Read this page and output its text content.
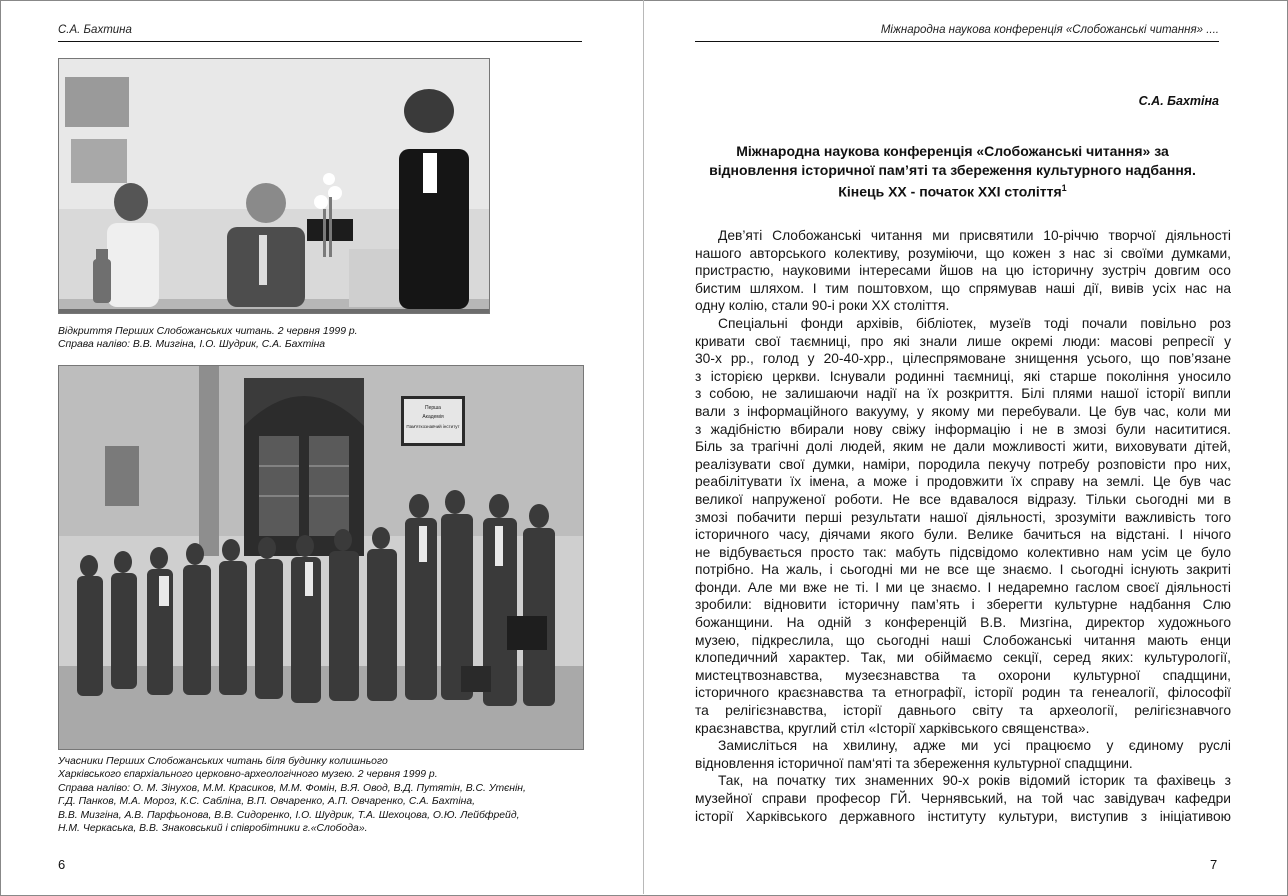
С.А. Бахтина
Відкриття Перших Слобожанських читань. 2 червня 1999 р.
Справа наліво: В.В. Мизгіна, І.О. Шудрик, С.А. Бахтіна
Перша
Академія
Пам'яткознавчий інститут
Учасники Перших Слобожанських читань біля будинку колишнього
Харківського єпархіального церковно-археологічного музею. 2 червня 1999 р.
Справа наліво: О. М. Зінухов, М.М. Красиков, М.М. Фомін, В.Я. Овод, В.Д. Путятін, В.С. Утєнін,
Г.Д. Панков, М.А. Мороз, К.С. Сабліна, В.П. Овчаренко, А.П. Овчаренко, С.А. Бахтіна,
В.В. Мизгіна, А.В. Парфьонова, В.В. Сидоренко, І.О. Шудрик, Т.А. Шехоцова, О.Ю. Лейбфрейд,
Н.М. Черкаська, В.В. Знаковський і співробітники г.«Слобода».
6
Міжнародна наукова конференція «Слобожанські читання» ....
С.А. Бахтіна
Міжнародна наукова конференція «Слобожанські читання» за
відновлення історичної пам’яті та збереження культурного надбання.
Кінець ХХ - початок ХХІ століття$^1$
Дев’яті Слобожанські читання ми присвятили 10-річчю творчої діяльності
нашого авторського колективу, розуміючи, що кожен з нас зі своїми думками,
пристрастю, науковими інтересами йшов на цю історичну зустріч довгим осо
бистим шляхом. І тим поштовхом, що спрямував наші дії, вивів усіх нас на
одну колію, стали 90-і роки ХХ століття.
Спеціальні фонди архівів, бібліотек, музеїв тоді почали повільно роз
кривати свої таємниці, про які знали лише окремі люди: масові репресії у
30-х рр., голод у 20-40-хрр., цілеспрямоване знищення усього, що пов’язане
з історією церкви. Існували родинні таємниці, які старше покоління уносило
з собою, не залишаючи надії на їх розкриття. Білі плями нашої історії випли
вали з інформаційного вакууму, у якому ми перебували. Це був час, коли ми
з жадібністю вбирали нову свіжу інформацію і не в змозі були насититися.
Біль за трагічні долі людей, яким не дали можливості жити, виховувати дітей,
реалізувати свої думки, наміри, породила пекучу потребу розповісти про них,
реабілітувати їх імена, а може і продовжити їх справу на землі. Це був час
великої напруженої роботи. Не все вдавалося відразу. Тільки сьогодні ми в
змозі побачити перші результати нашої діяльності, зрозуміти важливість того
історичного часу, діячами якого були. Велике бачиться на відстані. І нічого
не відбувається просто так: мабуть підсвідомо колективно нам усім це було
потрібно. На жаль, і сьогодні ми не все ще знаємо. І сьогодні існують закриті
фонди. Але ми вже не ті. І ми це знаємо. І недаремно гаслом своєї діяльності
зробили: відновити історичну пам’ять і зберегти культурне надбання Слю
божанщини. На одній з конференцій В.В. Мизгіна, директор художнього
музею, підкреслила, що сьогодні наші Слобожанські читання мають енци
клопедичний характер. Так, ми обіймаємо секції, серед яких: культурології,
мистецтвознавства, музеєзнавства та охорони культурної спадщини,
історичного краєзнавства та етнографії, історії родин та генеалогії, філософії
та релігієзнавства, історії давнього світу та археології, релігієзнавчого
краєзнавства, круглий стіл «Історії харківського священства».
Замисліться на хвилину, адже ми усі працюємо у єдиному руслі
відновлення історичної пам‘яті та збереження культурної спадщини.
Так, на початку тих знаменних 90-х років відомий історик та фахівець з
музейної справи професор ГЙ. Чернявський, на той час завідувач кафедри
історії Харківського державного інституту культури, виступив з ініціативою
7
